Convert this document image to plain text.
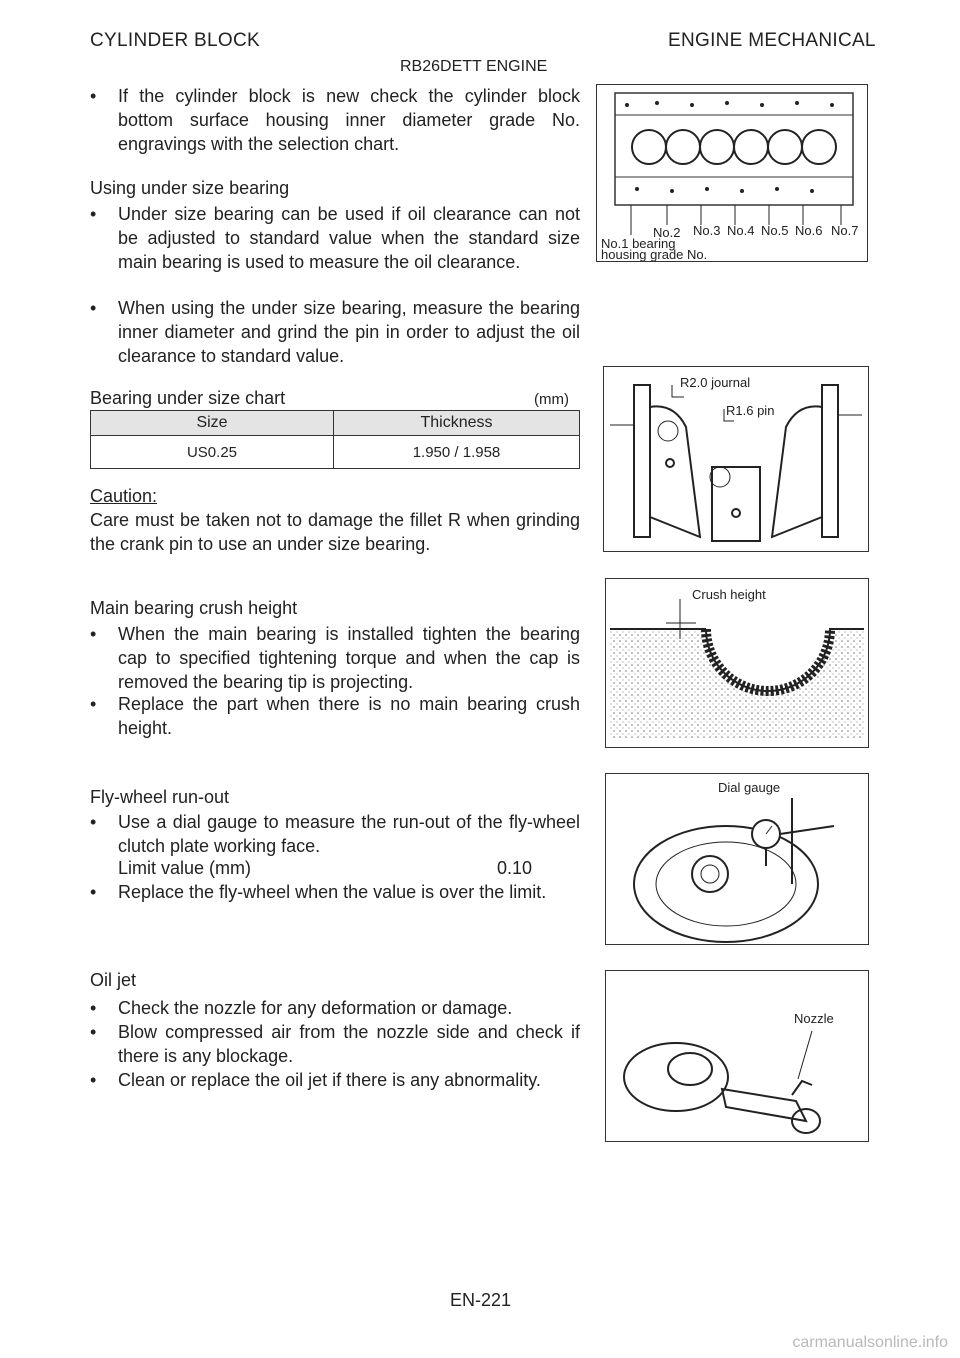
CYLINDER BLOCK	ENGINE MECHANICAL
RB26DETT ENGINE
• If the cylinder block is new check the cylinder block bottom surface housing inner diameter grade No. engravings with the selection chart.
Using under size bearing
• Under size bearing can be used if oil clearance can not be adjusted to standard value when the standard size main bearing is used to measure the oil clearance.
• When using the under size bearing, measure the bearing inner diameter and grind the pin in order to adjust the oil clearance to standard value.
Bearing under size chart	(mm)
Size	Thickness
US0.25	1.950 / 1.958
Caution:
Care must be taken not to damage the fillet R when grinding the crank pin to use an under size bearing.
Main bearing crush height
• When the main bearing is installed tighten the bearing cap to specified tightening torque and when the cap is removed the bearing tip is projecting.
• Replace the part when there is no main bearing crush height.
Fly-wheel run-out
• Use a dial gauge to measure the run-out of the fly-wheel clutch plate working face.
Limit value (mm)	0.10
• Replace the fly-wheel when the value is over the limit.
Oil jet
• Check the nozzle for any deformation or damage.
• Blow compressed air from the nozzle side and check if there is any blockage.
• Clean or replace the oil jet if there is any abnormality.
No.2 No.3 No.4 No.5 No.6 No.7
No.1 bearing
housing grade No.
R2.0 journal
R1.6 pin
Crush height
Dial gauge
Nozzle
EN-221
carmanualsonline.info
